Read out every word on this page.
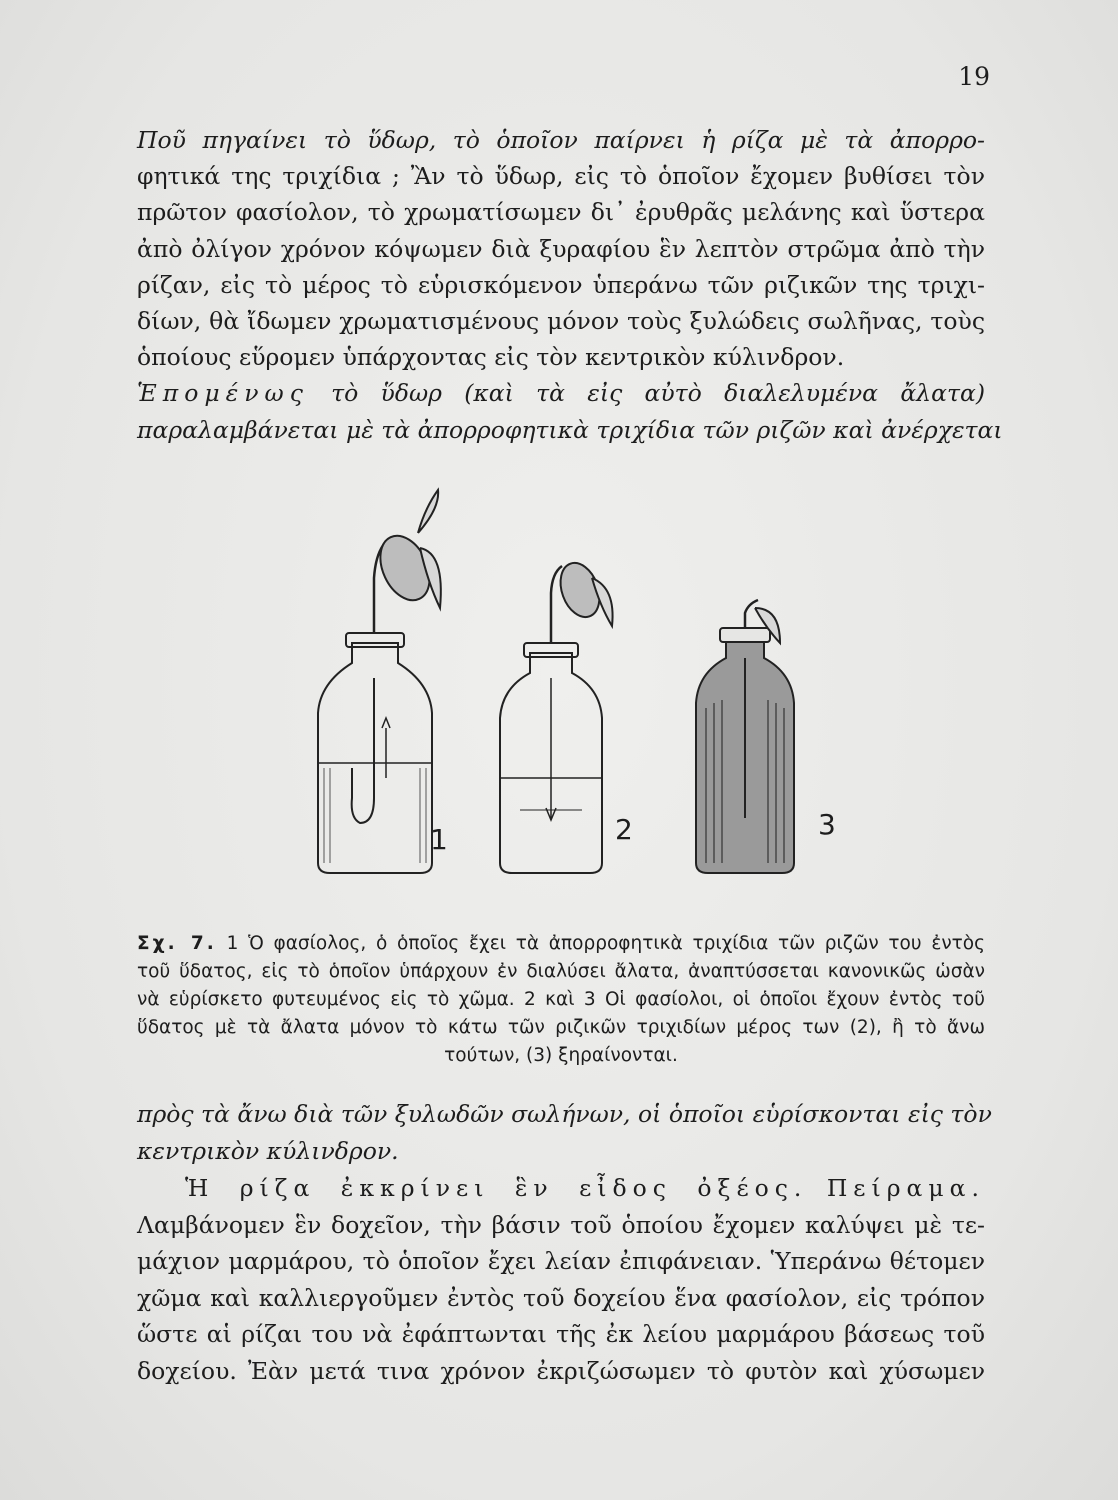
19
Ποῦ πηγαίνει τὸ ὕδωρ, τὸ ὁποῖον παίρνει ἡ ρίζα μὲ τὰ ἀπορρο-
φητικά της τριχίδια ; Ἂν τὸ ὕδωρ, εἰς τὸ ὁποῖον ἔχομεν βυθίσει τὸν
πρῶτον φασίολον, τὸ χρωματίσωμεν δι᾽ ἐρυθρᾶς μελάνης καὶ ὕστερα
ἀπὸ ὀλίγον χρόνον κόψωμεν διὰ ξυραφίου ἓν λεπτὸν στρῶμα ἀπὸ τὴν
ρίζαν, εἰς τὸ μέρος τὸ εὑρισκόμενον ὑπεράνω τῶν ριζικῶν της τριχι-
δίων, θὰ ἴδωμεν χρωματισμένους μόνον τοὺς ξυλώδεις σωλῆνας, τοὺς
ὁποίους εὕρομεν ὑπάρχοντας εἰς τὸν κεντρικὸν κύλινδρον.
Ἑπομένως τὸ ὕδωρ (καὶ τὰ εἰς αὐτὸ διαλελυμένα ἄλατα)
παραλαμβάνεται μὲ τὰ ἀπορροφητικὰ τριχίδια τῶν ριζῶν καὶ ἀνέρχεται
1	2	3
Σχ. 7. 1 Ὁ φασίολος, ὁ ὁποῖος ἔχει τὰ ἀπορροφητικὰ τριχίδια τῶν ριζῶν του ἐντὸς
τοῦ ὕδατος, εἰς τὸ ὁποῖον ὑπάρχουν ἐν διαλύσει ἄλατα, ἀναπτύσσεται κανονικῶς ὡσὰν
νὰ εὑρίσκετο φυτευμένος εἰς τὸ χῶμα. 2 καὶ 3 Οἱ φασίολοι, οἱ ὁποῖοι ἔχουν ἐντὸς τοῦ
ὕδατος μὲ τὰ ἄλατα μόνον τὸ κάτω τῶν ριζικῶν τριχιδίων μέρος των (2), ἢ τὸ ἄνω
τούτων, (3) ξηραίνονται.
πρὸς τὰ ἄνω διὰ τῶν ξυλωδῶν σωλήνων, οἱ ὁποῖοι εὑρίσκονται εἰς τὸν
κεντρικὸν κύλινδρον.
Ἡ ρίζα ἐκκρίνει ἓν εἶδος ὀξέος. Πείραμα.
Λαμβάνομεν ἓν δοχεῖον, τὴν βάσιν τοῦ ὁποίου ἔχομεν καλύψει μὲ τε-
μάχιον μαρμάρου, τὸ ὁποῖον ἔχει λείαν ἐπιφάνειαν. Ὑπεράνω θέτομεν
χῶμα καὶ καλλιεργοῦμεν ἐντὸς τοῦ δοχείου ἕνα φασίολον, εἰς τρόπον
ὥστε αἱ ρίζαι του νὰ ἐφάπτωνται τῆς ἐκ λείου μαρμάρου βάσεως τοῦ
δοχείου. Ἐὰν μετά τινα χρόνον ἐκριζώσωμεν τὸ φυτὸν καὶ χύσωμεν
